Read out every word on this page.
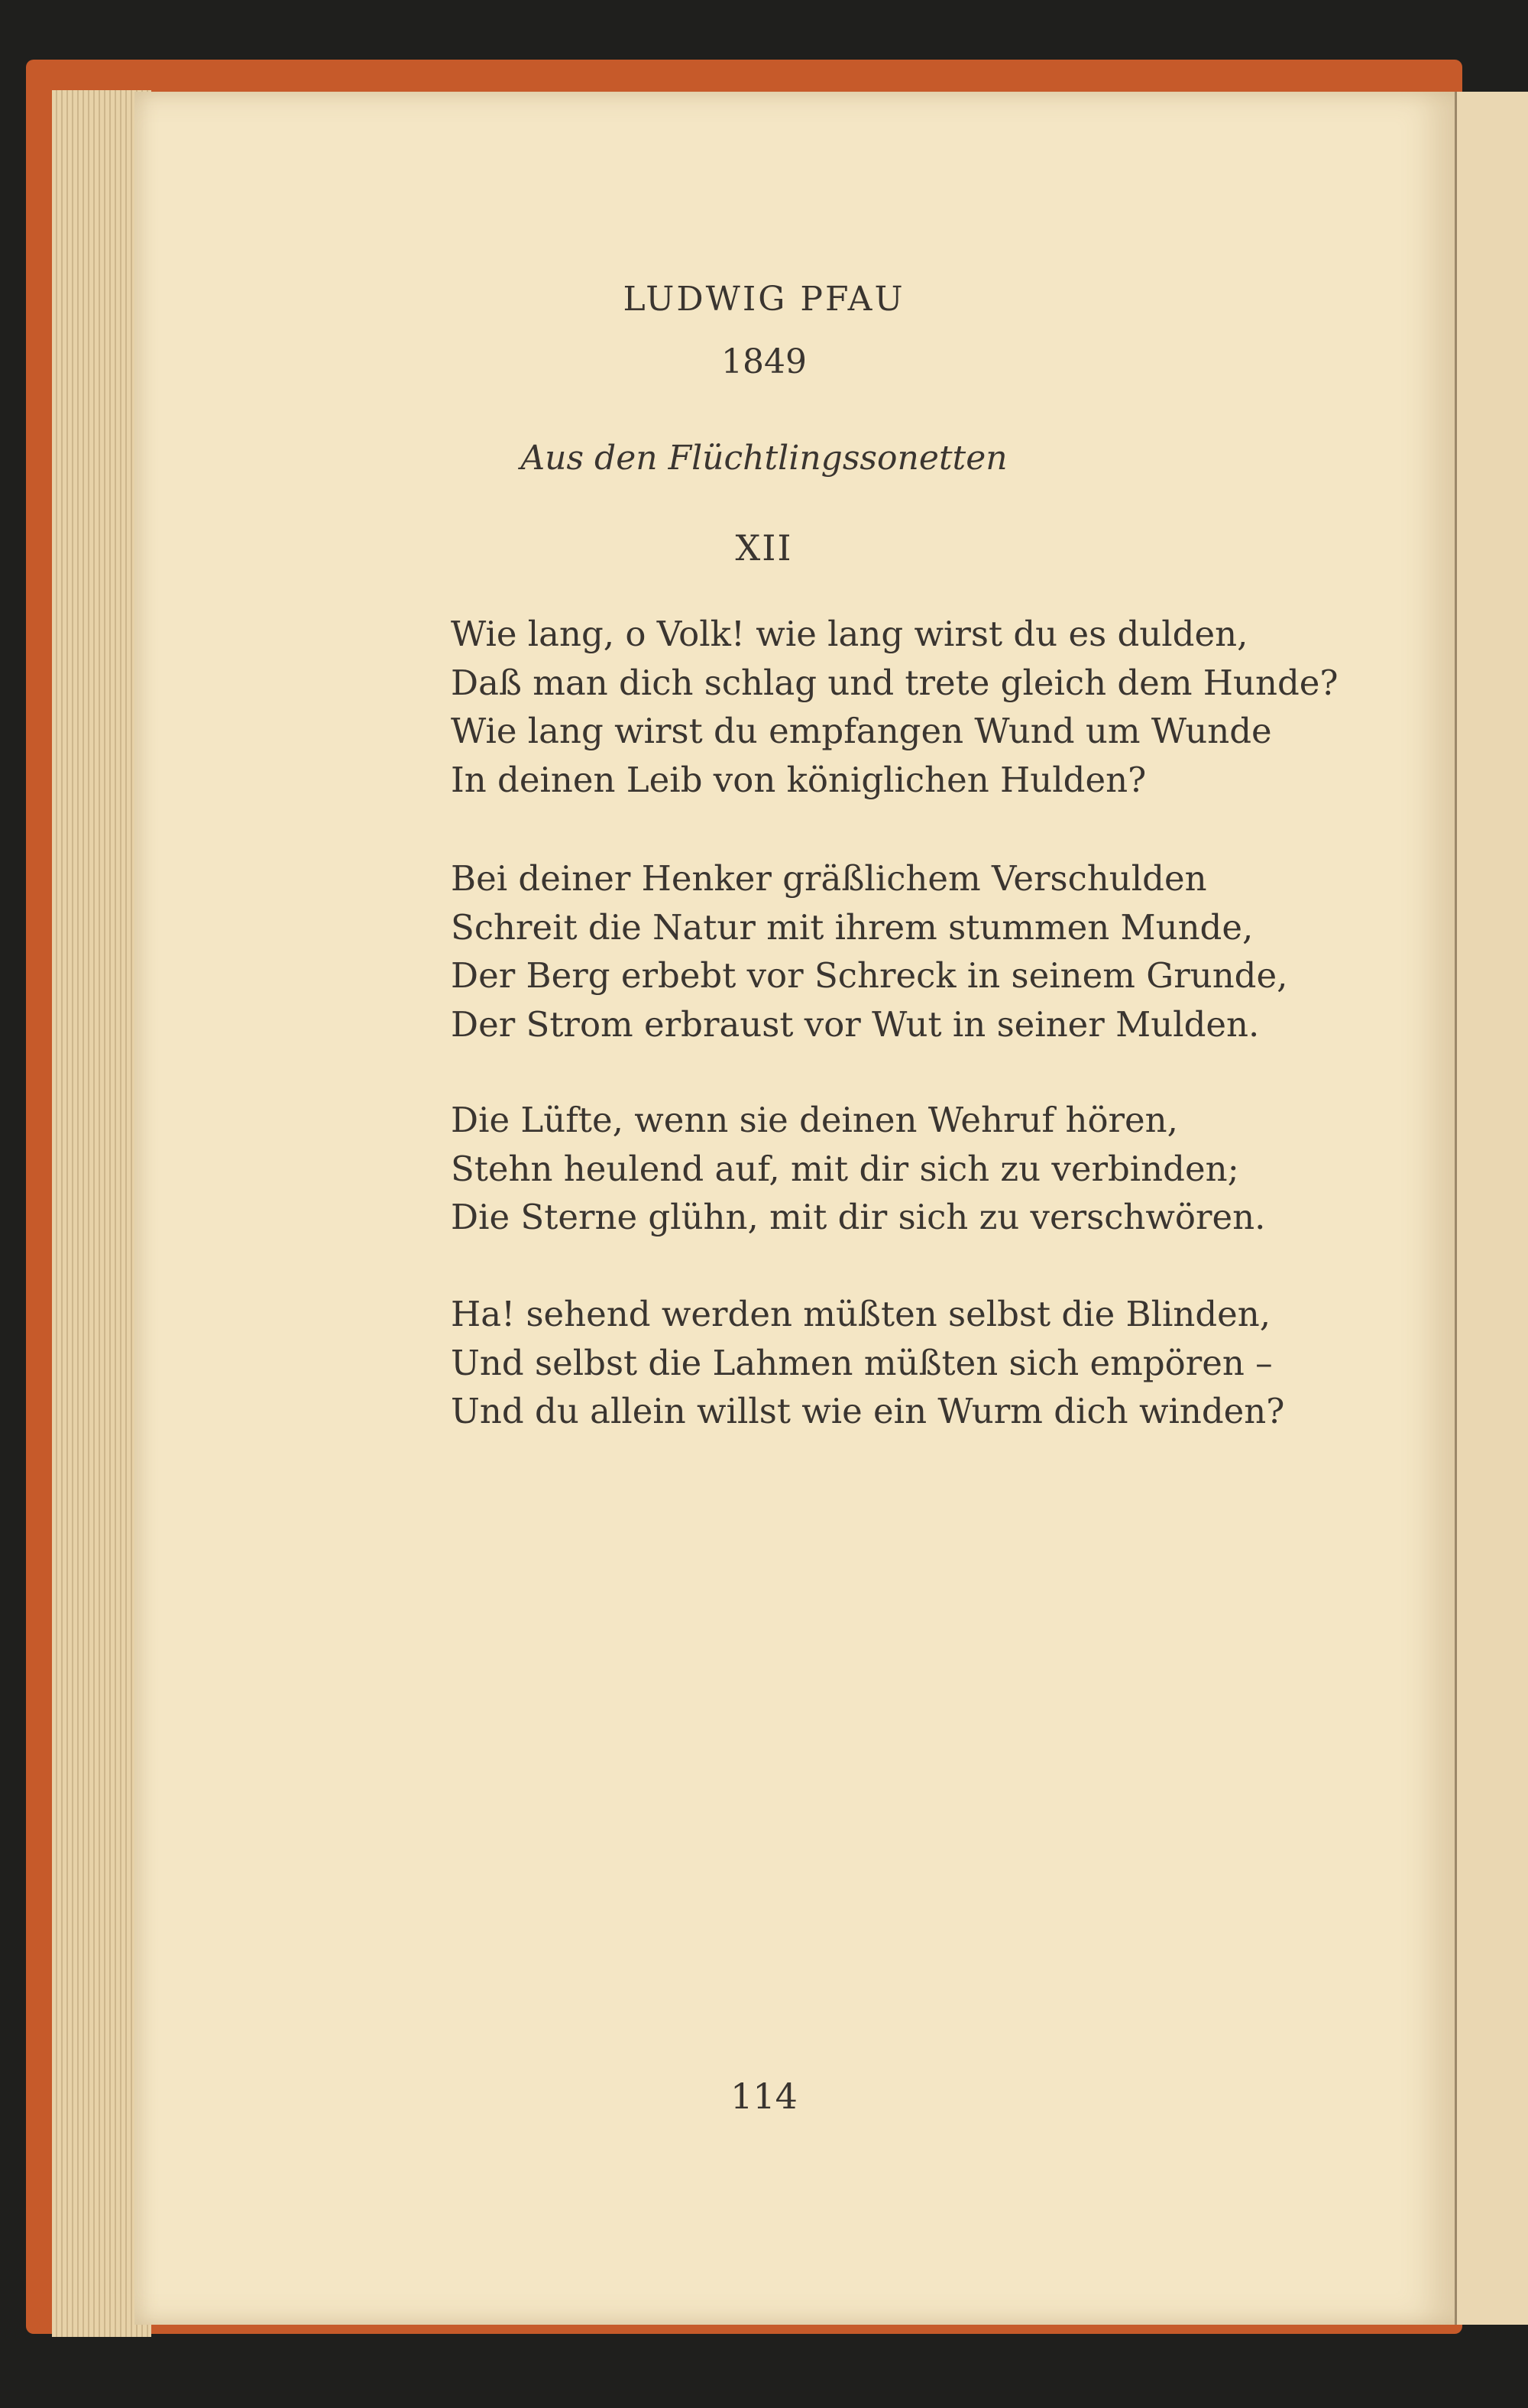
LUDWIG PFAU
1849
Aus den Flüchtlingssonetten
XII
Wie lang, o Volk! wie lang wirst du es dulden,
Daß man dich schlag und trete gleich dem Hunde?
Wie lang wirst du empfangen Wund um Wunde
In deinen Leib von königlichen Hulden?
Bei deiner Henker gräßlichem Verschulden
Schreit die Natur mit ihrem stummen Munde,
Der Berg erbebt vor Schreck in seinem Grunde,
Der Strom erbraust vor Wut in seiner Mulden.
Die Lüfte, wenn sie deinen Wehruf hören,
Stehn heulend auf, mit dir sich zu verbinden;
Die Sterne glühn, mit dir sich zu verschwören.
Ha! sehend werden müßten selbst die Blinden,
Und selbst die Lahmen müßten sich empören –
Und du allein willst wie ein Wurm dich winden?
114
